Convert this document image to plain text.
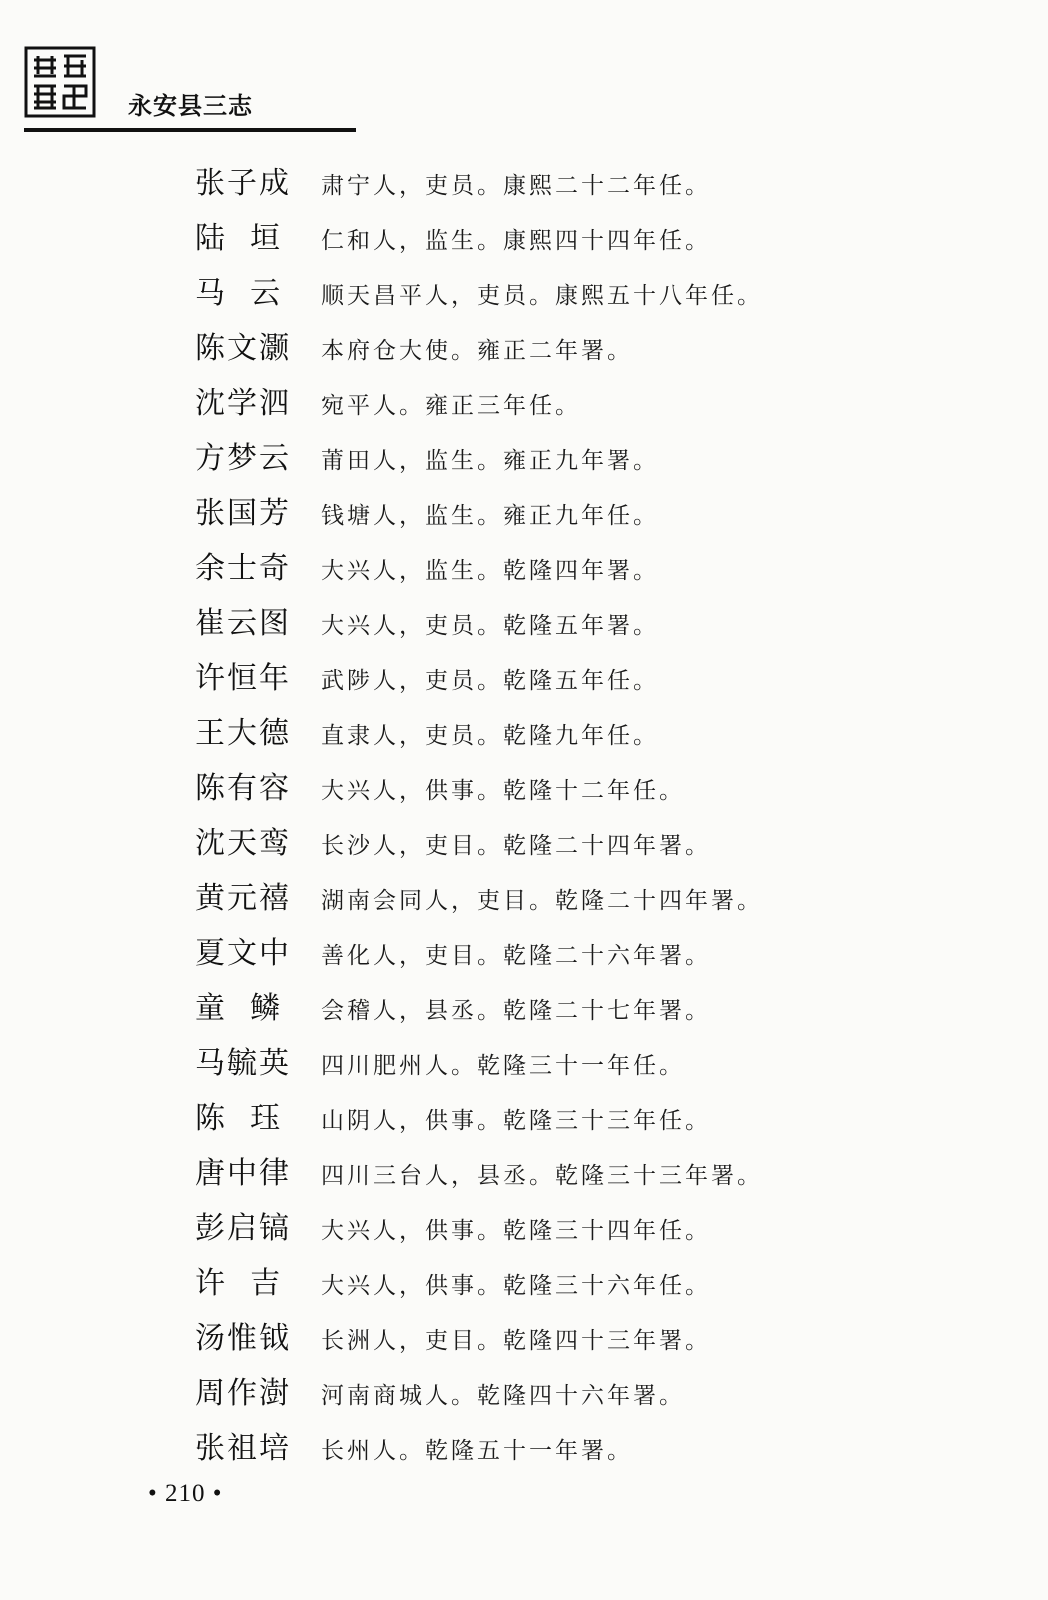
永安县三志
张子成 肃宁人，吏员。康熙二十二年任。
陆  垣	仁和人，监生。康熙四十四年任。
马  云	顺天昌平人，吏员。康熙五十八年任。
陈文灏 本府仓大使。雍正二年署。
沈学泗 宛平人。雍正三年任。
方梦云 莆田人，监生。雍正九年署。
张国芳 钱塘人，监生。雍正九年任。
余士奇 大兴人，监生。乾隆四年署。
崔云图 大兴人，吏员。乾隆五年署。
许恒年 武陟人，吏员。乾隆五年任。
王大德 直隶人，吏员。乾隆九年任。
陈有容 大兴人，供事。乾隆十二年任。
沈天鸾 长沙人，吏目。乾隆二十四年署。
黄元禧 湖南会同人，吏目。乾隆二十四年署。
夏文中 善化人，吏目。乾隆二十六年署。
童  鳞	会稽人，县丞。乾隆二十七年署。
马毓英 四川肥州人。乾隆三十一年任。
陈  珏	山阴人，供事。乾隆三十三年任。
唐中律 四川三台人，县丞。乾隆三十三年署。
彭启镐 大兴人，供事。乾隆三十四年任。
许  吉	大兴人，供事。乾隆三十六年任。
汤惟钺 长洲人，吏目。乾隆四十三年署。
周作澍 河南商城人。乾隆四十六年署。
张祖培 长州人。乾隆五十一年署。
• 210 •
